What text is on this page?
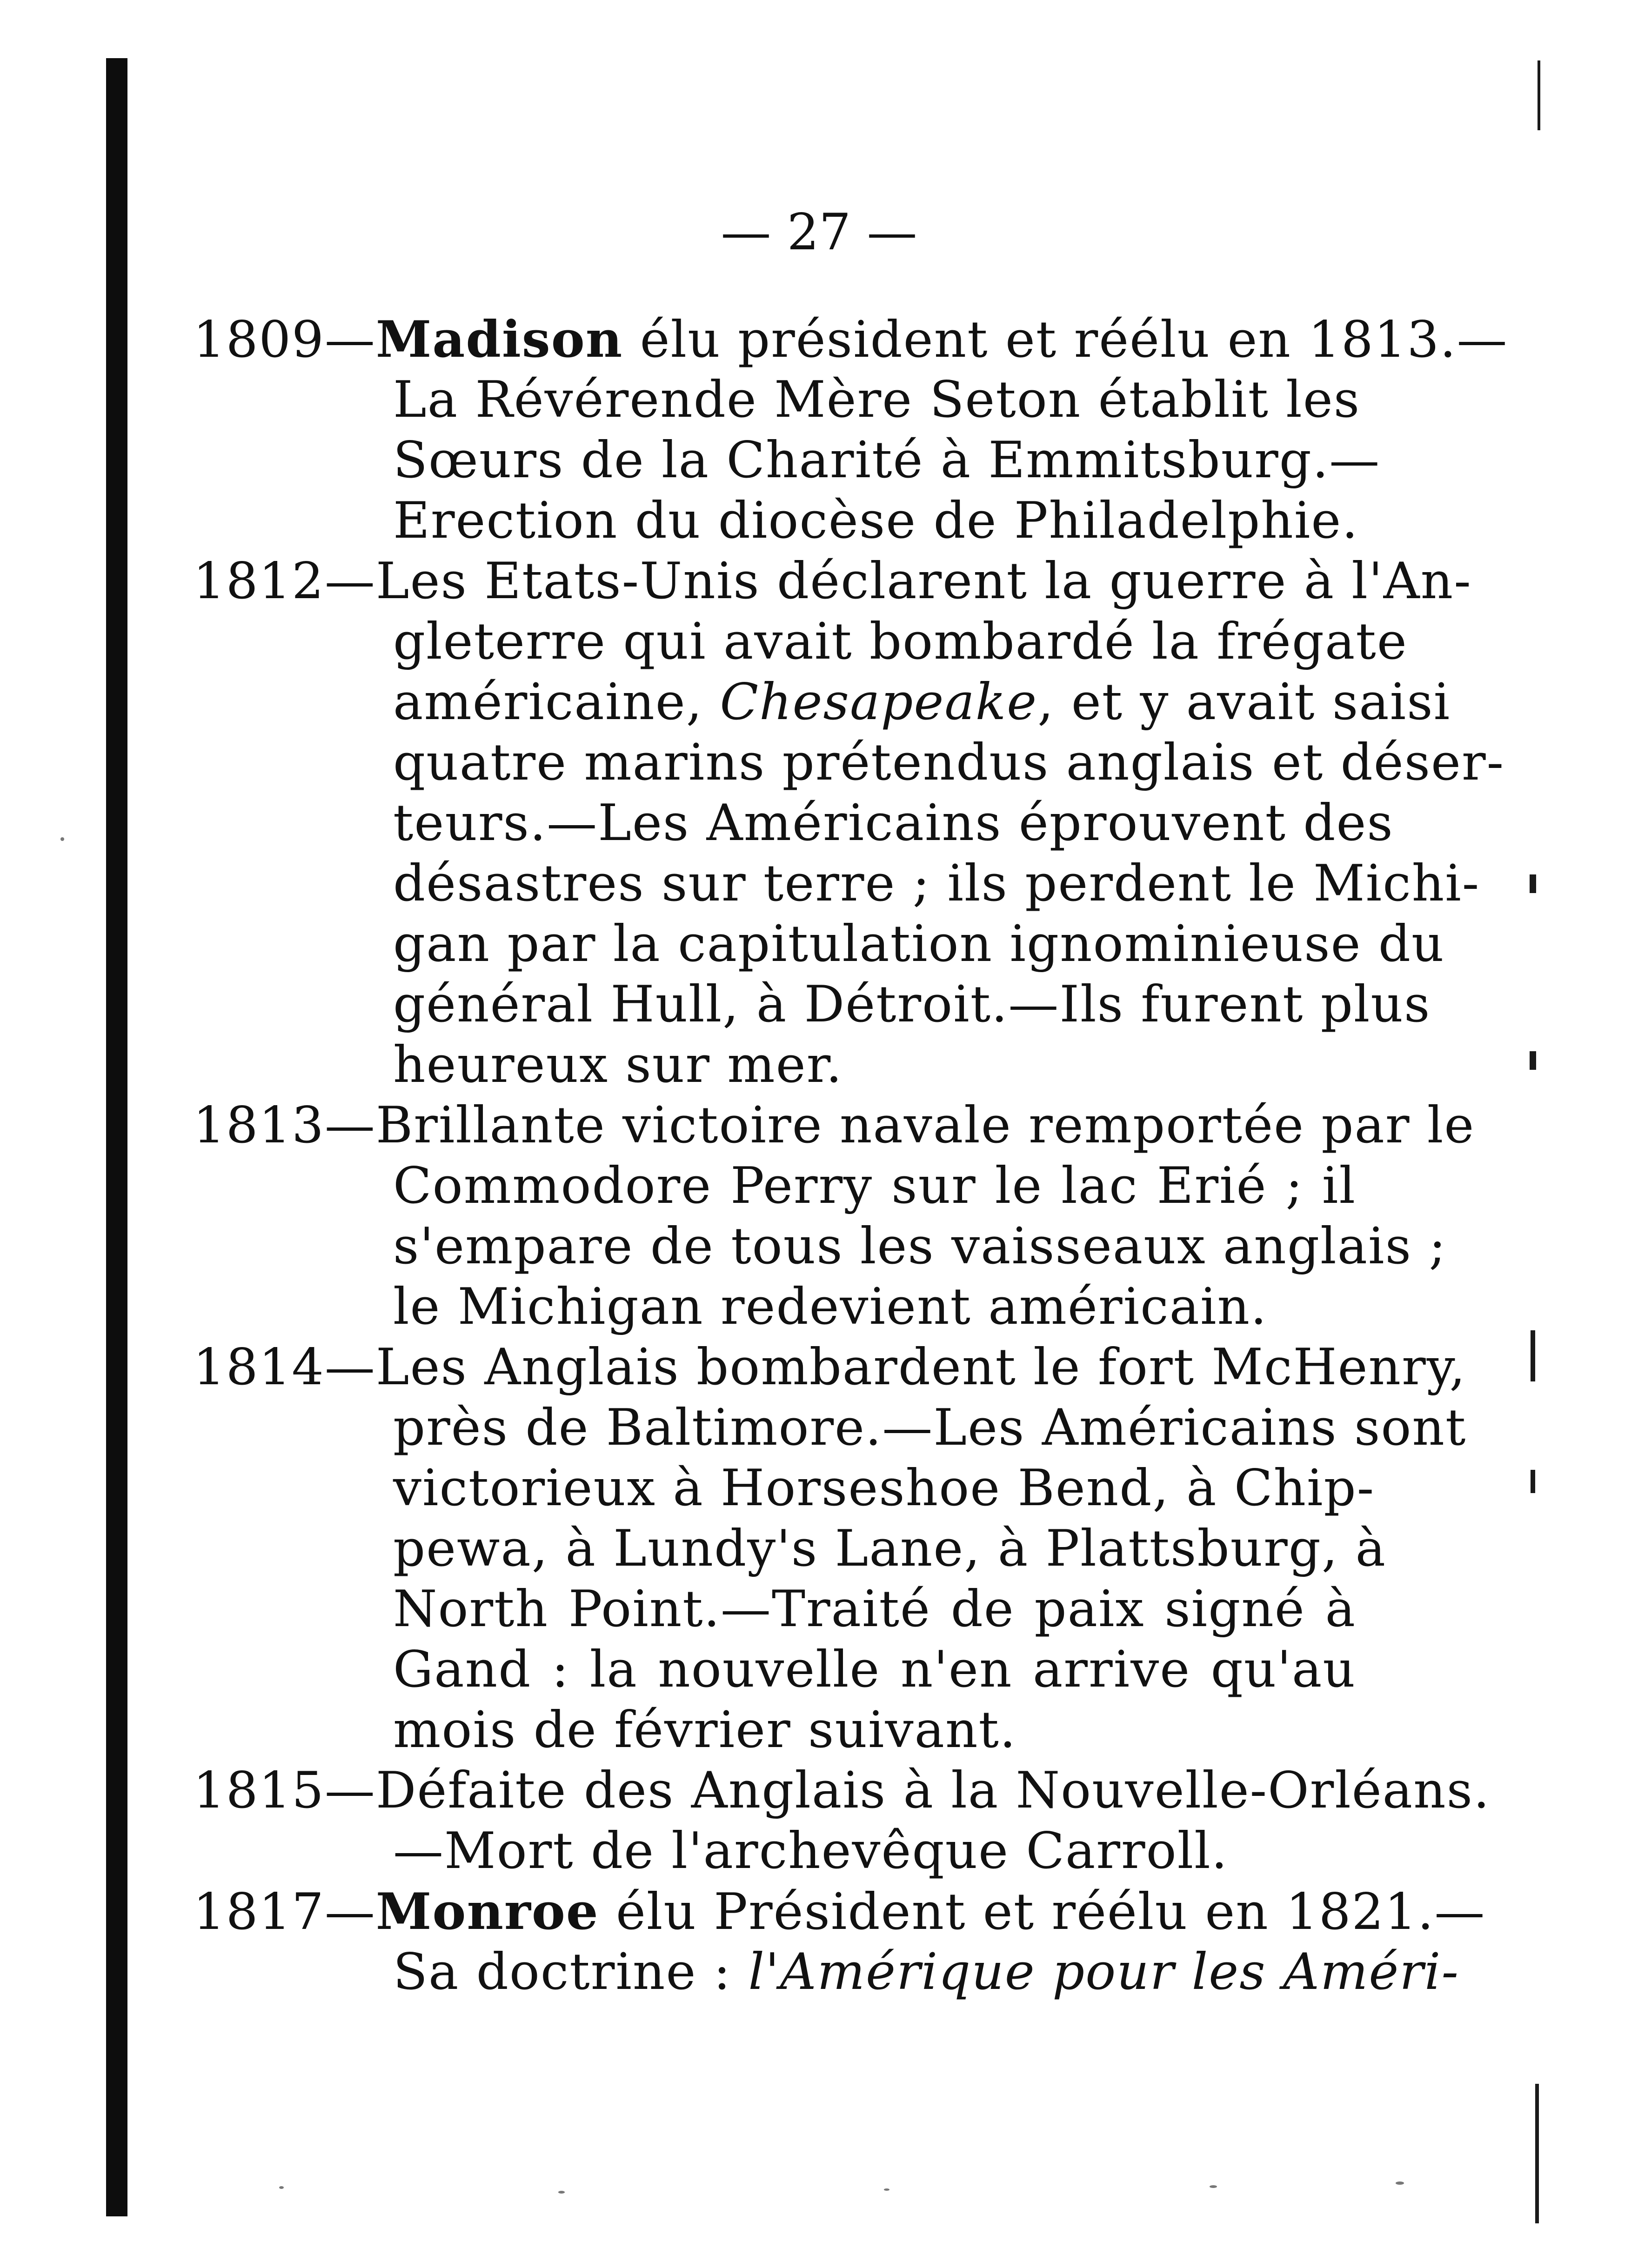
— 27 —
1809—Madison élu président et réélu en 1813.—
La Révérende Mère Seton établit les
Sœurs de la Charité à Emmitsburg.—
Erection du diocèse de Philadelphie.
1812—Les Etats-Unis déclarent la guerre à l'An-
gleterre qui avait bombardé la frégate
américaine, Chesapeake, et y avait saisi
quatre marins prétendus anglais et déser-
teurs.—Les Américains éprouvent des
désastres sur terre ; ils perdent le Michi-
gan par la capitulation ignominieuse du
général Hull, à Détroit.—Ils furent plus
heureux sur mer.
1813—Brillante victoire navale remportée par le
Commodore Perry sur le lac Erié ; il
s'empare de tous les vaisseaux anglais ;
le Michigan redevient américain.
1814—Les Anglais bombardent le fort McHenry,
près de Baltimore.—Les Américains sont
victorieux à Horseshoe Bend, à Chip-
pewa, à Lundy's Lane, à Plattsburg, à
North Point.—Traité de paix signé à
Gand : la nouvelle n'en arrive qu'au
mois de février suivant.
1815—Défaite des Anglais à la Nouvelle-Orléans.
—Mort de l'archevêque Carroll.
1817—Monroe élu Président et réélu en 1821.—
Sa doctrine : l'Amérique pour les Améri-
